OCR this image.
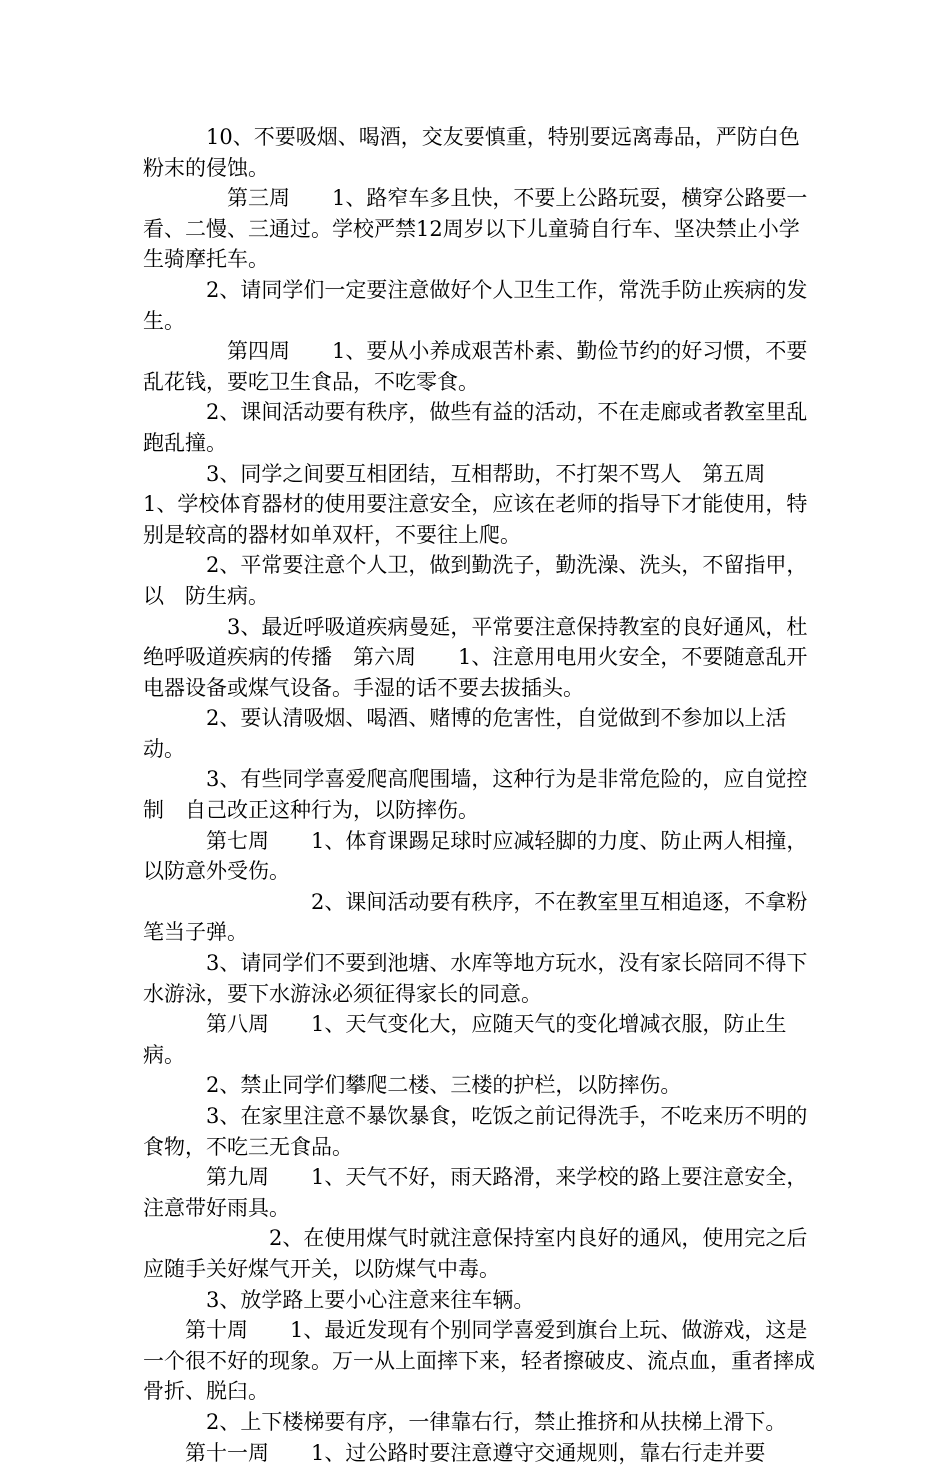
　　　10、不要吸烟、喝酒，交友要慎重，特别要远离毒品，严防白色粉末的侵蚀。

　　　　第三周　　1、路窄车多且快，不要上公路玩耍，横穿公路要一看、二慢、三通过。学校严禁12周岁以下儿童骑自行车、坚决禁止小学生骑摩托车。

　　　2、请同学们一定要注意做好个人卫生工作，常洗手防止疾病的发生。

　　　　第四周　　1、要从小养成艰苦朴素、勤俭节约的好习惯，不要乱花钱，要吃卫生食品，不吃零食。

　　　2、课间活动要有秩序，做些有益的活动，不在走廊或者教室里乱跑乱撞。

　　　3、同学之间要互相团结，互相帮助，不打架不骂人　第五周　1、学校体育器材的使用要注意安全，应该在老师的指导下才能使用，特别是较高的器材如单双杆，不要往上爬。

　　　2、平常要注意个人卫，做到勤洗子，勤洗澡、洗头，不留指甲，以　防生病。

　　　　3、最近呼吸道疾病曼延，平常要注意保持教室的良好通风，杜绝呼吸道疾病的传播　第六周　　1、注意用电用火安全，不要随意乱开电器设备或煤气设备。手湿的话不要去拔插头。

　　　2、要认清吸烟、喝酒、赌博的危害性，自觉做到不参加以上活动。

　　　3、有些同学喜爱爬高爬围墙，这种行为是非常危险的，应自觉控制　自己改正这种行为，以防摔伤。

　　　第七周　　1、体育课踢足球时应减轻脚的力度、防止两人相撞，以防意外受伤。

　　　　　　　　2、课间活动要有秩序，不在教室里互相追逐，不拿粉笔当子弹。

　　　3、请同学们不要到池塘、水库等地方玩水，没有家长陪同不得下水游泳，要下水游泳必须征得家长的同意。

　　　第八周　　1、天气变化大，应随天气的变化增减衣服，防止生病。

　　　2、禁止同学们攀爬二楼、三楼的护栏，以防摔伤。

　　　3、在家里注意不暴饮暴食，吃饭之前记得洗手，不吃来历不明的　食物，不吃三无食品。

　　　第九周　　1、天气不好，雨天路滑，来学校的路上要注意安全，注意带好雨具。

　　　　　　2、在使用煤气时就注意保持室内良好的通风，使用完之后应随手关好煤气开关，以防煤气中毒。

　　　3、放学路上要小心注意来往车辆。

　　第十周　　1、最近发现有个别同学喜爱到旗台上玩、做游戏，这是一个很不好的现象。万一从上面摔下来，轻者擦破皮、流点血，重者摔成骨折、脱臼。

　　　2、上下楼梯要有序，一律靠右行，禁止推挤和从扶梯上滑下。

　　第十一周　　1、过公路时要注意遵守交通规则，靠右行走并要
